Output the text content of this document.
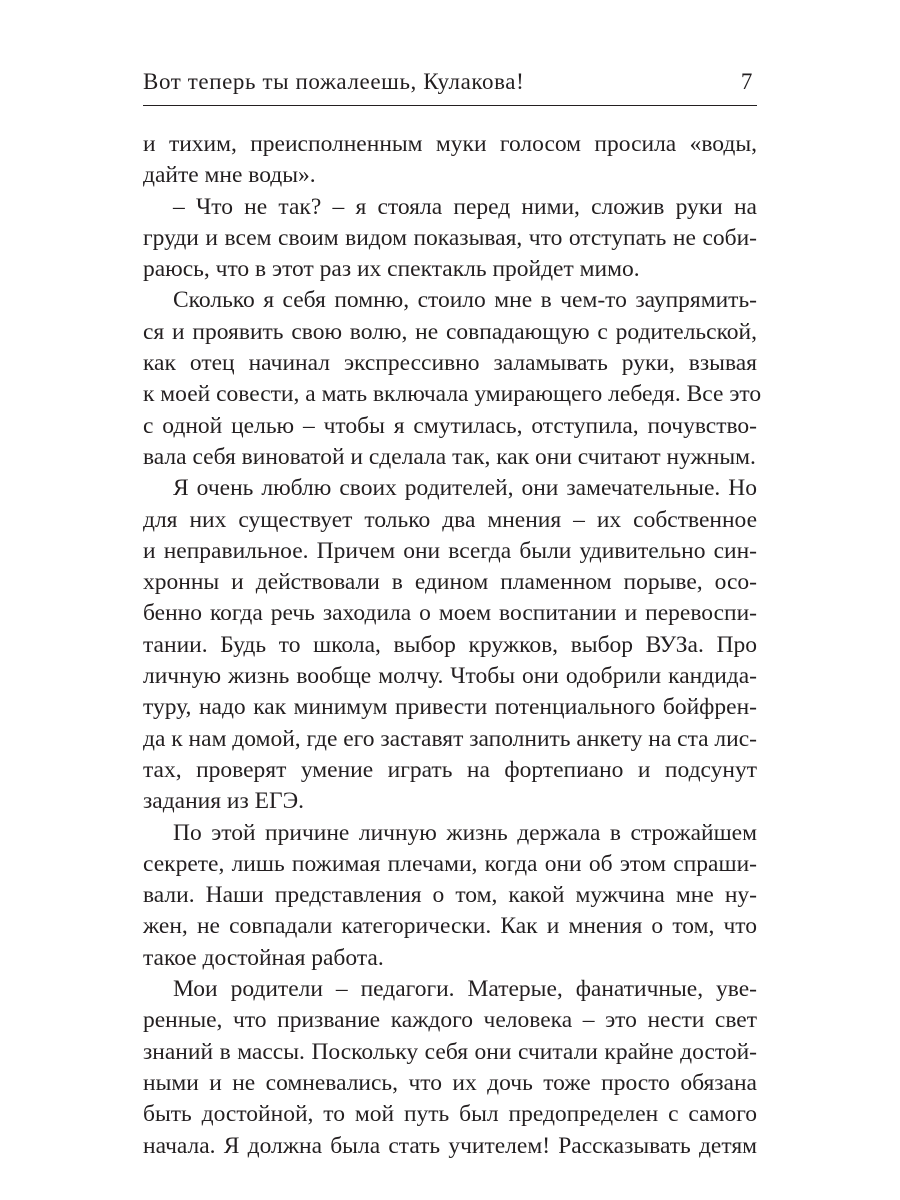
Вот теперь ты пожалеешь, Кулакова!	7

и тихим, преисполненным муки голосом просила «воды,
дайте мне воды».

– Что не так? – я стояла перед ними, сложив руки на
груди и всем своим видом показывая, что отступать не соби-
раюсь, что в этот раз их спектакль пройдет мимо.

Сколько я себя помню, стоило мне в чем-то заупрямить-
ся и проявить свою волю, не совпадающую с родительской,
как отец начинал экспрессивно заламывать руки, взывая
к моей совести, а мать включала умирающего лебедя. Все это
с одной целью – чтобы я смутилась, отступила, почувство-
вала себя виноватой и сделала так, как они считают нужным.

Я очень люблю своих родителей, они замечательные. Но
для них существует только два мнения – их собственное
и неправильное. Причем они всегда были удивительно син-
хронны и действовали в едином пламенном порыве, осо-
бенно когда речь заходила о моем воспитании и перевоспи-
тании. Будь то школа, выбор кружков, выбор ВУЗа. Про
личную жизнь вообще молчу. Чтобы они одобрили кандида-
туру, надо как минимум привести потенциального бойфрен-
да к нам домой, где его заставят заполнить анкету на ста лис-
тах, проверят умение играть на фортепиано и подсунут
задания из ЕГЭ.

По этой причине личную жизнь держала в строжайшем
секрете, лишь пожимая плечами, когда они об этом спраши-
вали. Наши представления о том, какой мужчина мне ну-
жен, не совпадали категорически. Как и мнения о том, что
такое достойная работа.

Мои родители – педагоги. Матерые, фанатичные, уве-
ренные, что призвание каждого человека – это нести свет
знаний в массы. Поскольку себя они считали крайне достой-
ными и не сомневались, что их дочь тоже просто обязана
быть достойной, то мой путь был предопределен с самого
начала. Я должна была стать учителем! Рассказывать детям
